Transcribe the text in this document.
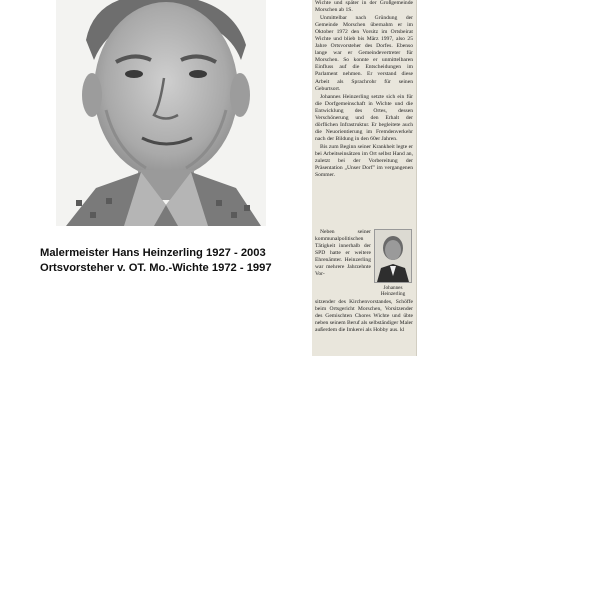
Malermeister Hans Heinzerling 1927 - 2003
Ortsvorsteher v. OT. Mo.-Wichte 1972 - 1997

Wichte und später in der Großgemeinde Morschen ab 1S.

Unmittelbar nach Gründung der Gemeinde Morschen übernahm er im Oktober 1972 den Vorsitz im Ortsbeirat Wichte und blieb bis März 1997, also 25 Jahre Ortsvorsteher des Dorfes. Ebenso lange war er Gemeindevertreter für Morschen. So konnte er unmittelbaren Einfluss auf die Entscheidungen im Parlament nehmen. Er verstand diese Arbeit als Sprachrohr für seinen Geburtsort.

Johannes Heinzerling setzte sich ein für die Dorfgemeinschaft in Wichte und die Entwicklung des Ortes, dessen Verschönerung und den Erhalt der dörflichen Infrastruktur. Er begleitete auch die Neuorientierung im Fremdenverkehr nach der Bildung in den 60er Jahren.

Bis zum Beginn seiner Krankheit legte er bei Arbeitseinsätzen im Ort selbst Hand an, zuletzt bei der Vorbereitung der Präsentation „Unser Dorf" im vergangenen Sommer.

Neben seiner kommunalpolitischen Tätigkeit innerhalb der SPD hatte er weitere Ehrenämter. Heinzerling war mehrere Jahrzehnte Vor-

Johannes
Heinzerling

sitzender des Kirchenvorstandes, Schöffe beim Ortsgericht Morschen, Vorsitzender des Gemischten Chores Wichte und übte neben seinem Beruf als selbständiger Maler außerdem die Imkerei als Hobby aus. kl
